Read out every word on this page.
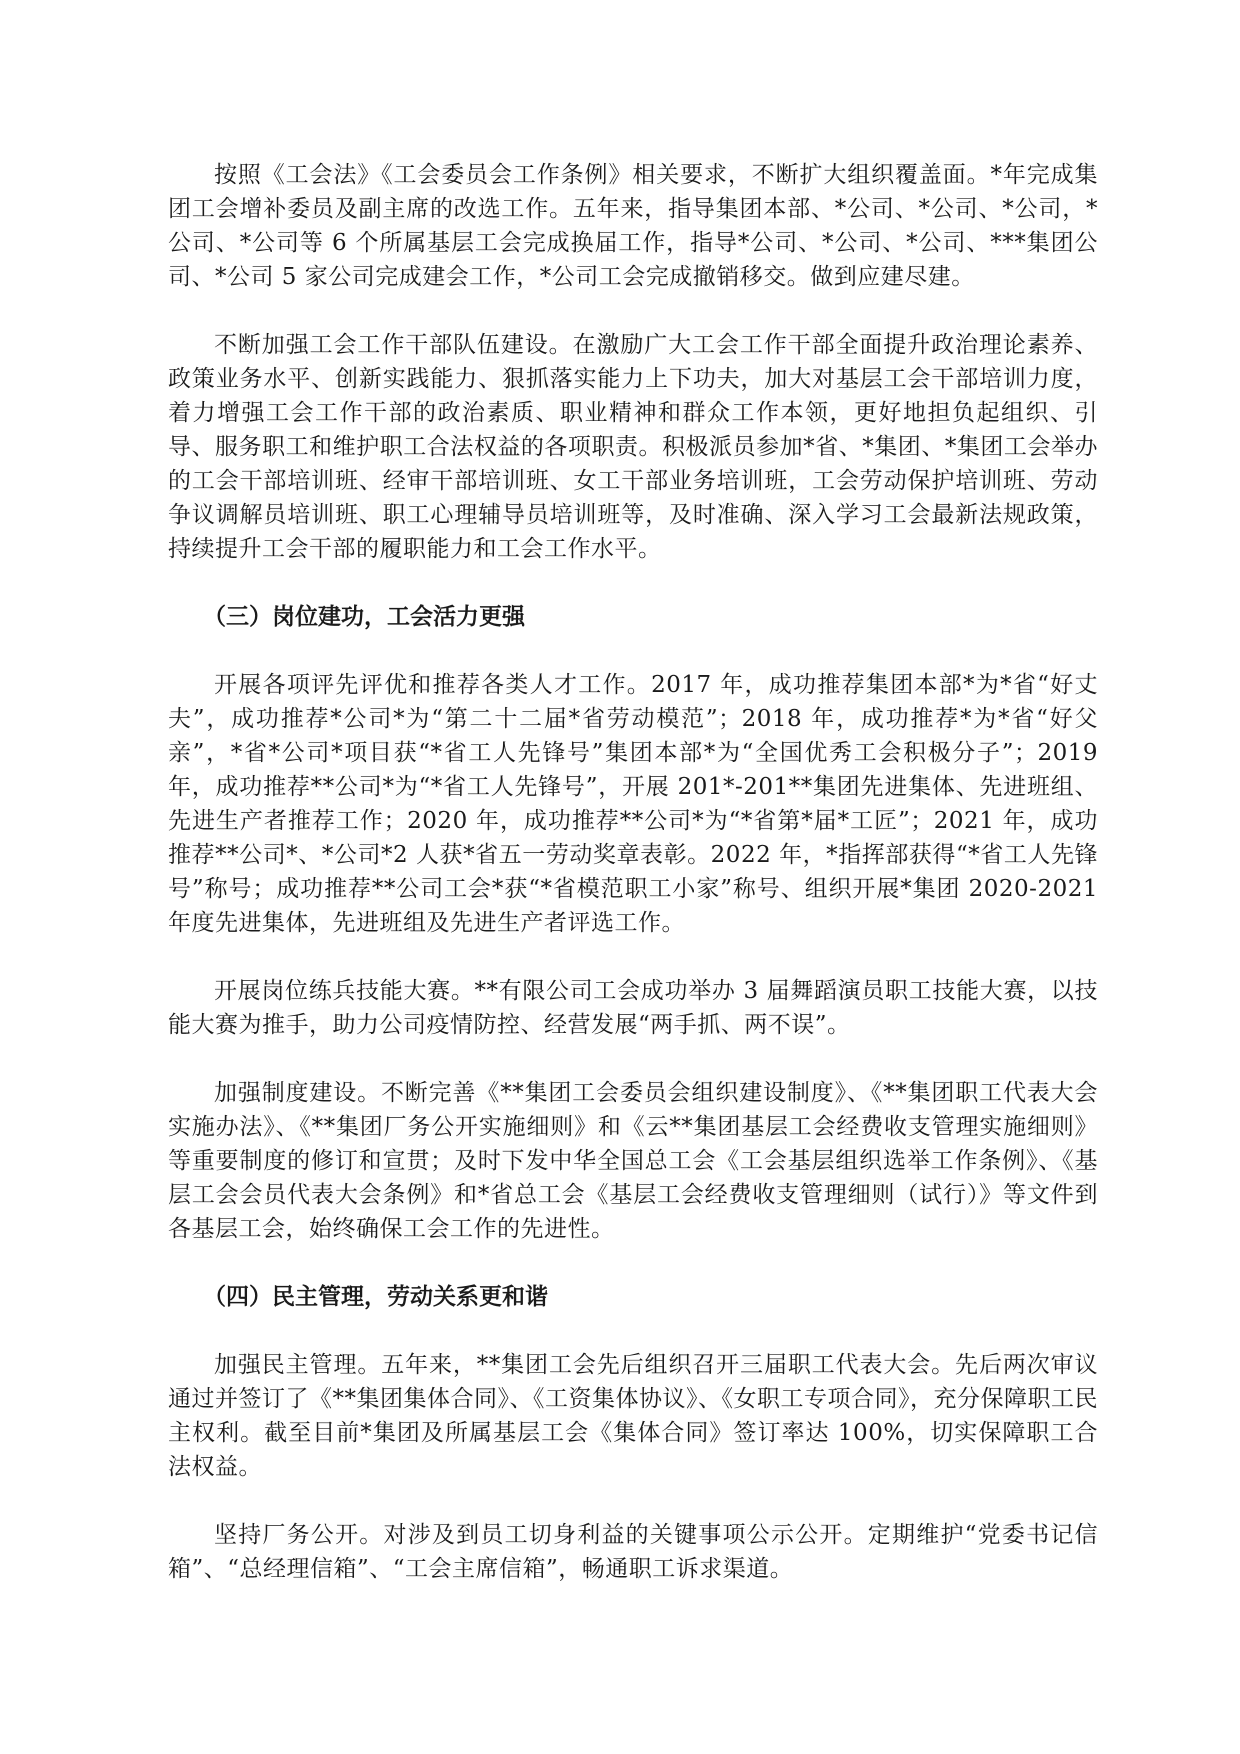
按照《工会法》《工会委员会工作条例》相关要求，不断扩大组织覆盖面。*年完成集团工会增补委员及副主席的改选工作。五年来，指导集团本部、*公司、*公司、*公司，*公司、*公司等 6 个所属基层工会完成换届工作，指导*公司、*公司、*公司、***集团公司、*公司 5 家公司完成建会工作，*公司工会完成撤销移交。做到应建尽建。

不断加强工会工作干部队伍建设。在激励广大工会工作干部全面提升政治理论素养、政策业务水平、创新实践能力、狠抓落实能力上下功夫，加大对基层工会干部培训力度，着力增强工会工作干部的政治素质、职业精神和群众工作本领，更好地担负起组织、引导、服务职工和维护职工合法权益的各项职责。积极派员参加*省、*集团、*集团工会举办的工会干部培训班、经审干部培训班、女工干部业务培训班，工会劳动保护培训班、劳动争议调解员培训班、职工心理辅导员培训班等，及时准确、深入学习工会最新法规政策，持续提升工会干部的履职能力和工会工作水平。

（三）岗位建功，工会活力更强

开展各项评先评优和推荐各类人才工作。2017 年，成功推荐集团本部*为*省“好丈夫”，成功推荐*公司*为“第二十二届*省劳动模范”；2018 年，成功推荐*为*省“好父亲”，*省*公司*项目获“*省工人先锋号”集团本部*为“全国优秀工会积极分子”；2019 年，成功推荐**公司*为“*省工人先锋号”，开展 201*-201**集团先进集体、先进班组、先进生产者推荐工作；2020 年，成功推荐**公司*为“*省第*届*工匠”；2021 年，成功推荐**公司*、*公司*2 人获*省五一劳动奖章表彰。2022 年，*指挥部获得“*省工人先锋号”称号；成功推荐**公司工会*获“*省模范职工小家”称号、组织开展*集团 2020-2021 年度先进集体，先进班组及先进生产者评选工作。

开展岗位练兵技能大赛。**有限公司工会成功举办 3 届舞蹈演员职工技能大赛，以技能大赛为推手，助力公司疫情防控、经营发展“两手抓、两不误”。

加强制度建设。不断完善《**集团工会委员会组织建设制度》、《**集团职工代表大会实施办法》、《**集团厂务公开实施细则》和《云**集团基层工会经费收支管理实施细则》等重要制度的修订和宣贯；及时下发中华全国总工会《工会基层组织选举工作条例》、《基层工会会员代表大会条例》和*省总工会《基层工会经费收支管理细则（试行）》等文件到各基层工会，始终确保工会工作的先进性。

（四）民主管理，劳动关系更和谐

加强民主管理。五年来，**集团工会先后组织召开三届职工代表大会。先后两次审议通过并签订了《**集团集体合同》、《工资集体协议》、《女职工专项合同》，充分保障职工民主权利。截至目前*集团及所属基层工会《集体合同》签订率达 100%，切实保障职工合法权益。

坚持厂务公开。对涉及到员工切身利益的关键事项公示公开。定期维护“党委书记信箱”、“总经理信箱”、“工会主席信箱”，畅通职工诉求渠道。
